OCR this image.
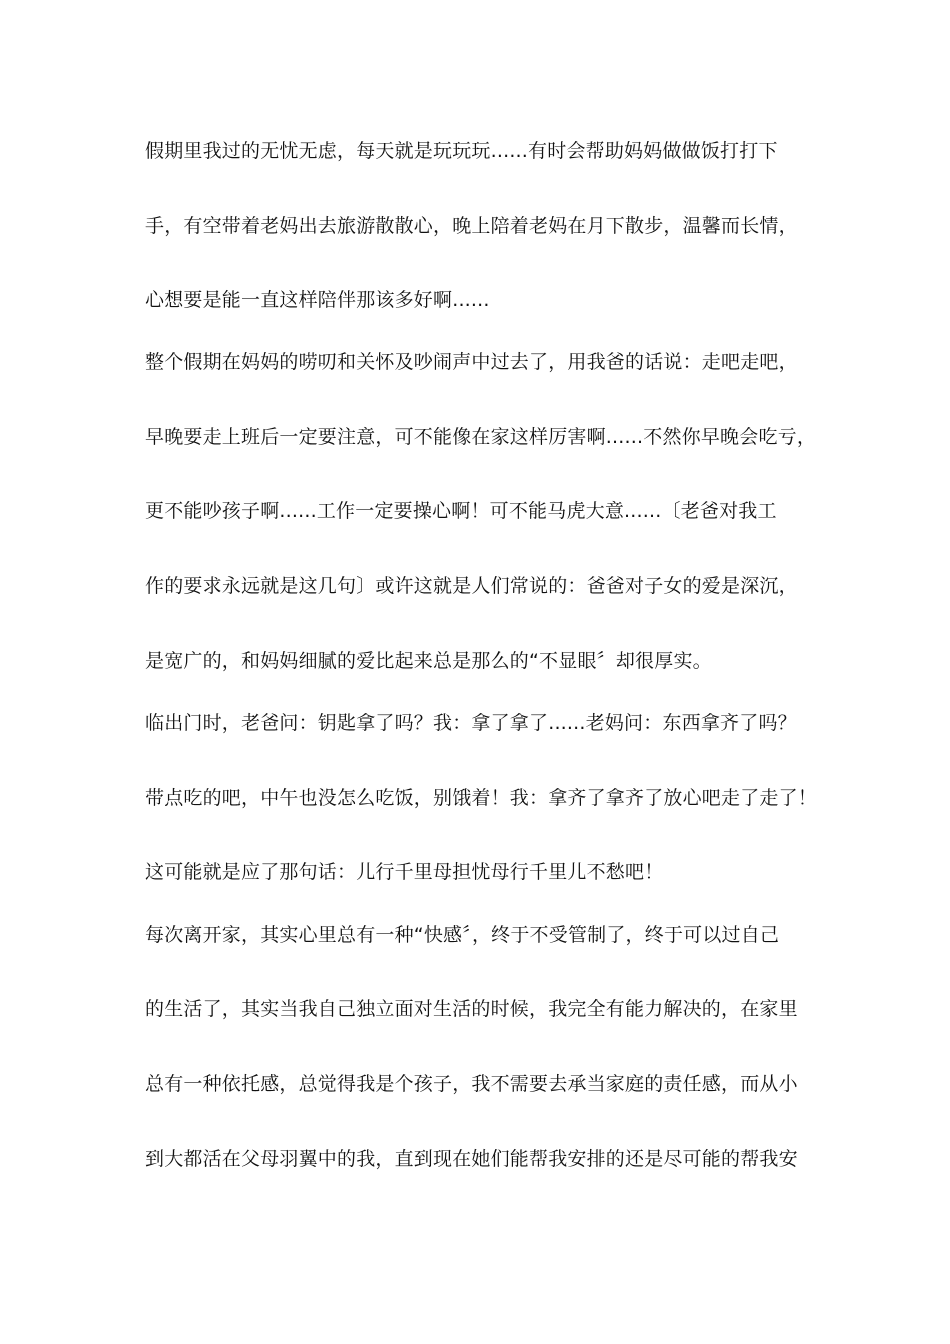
假期里我过的无忧无虑，每天就是玩玩玩......有时会帮助妈妈做做饭打打下
手，有空带着老妈出去旅游散散心，晚上陪着老妈在月下散步，温馨而长情，
心想要是能一直这样陪伴那该多好啊......
整个假期在妈妈的唠叨和关怀及吵闹声中过去了，用我爸的话说：走吧走吧，
早晚要走上班后一定要注意，可不能像在家这样厉害啊......不然你早晚会吃亏，
更不能吵孩子啊......工作一定要操心啊！可不能马虎大意......〔老爸对我工
作的要求永远就是这几句〕或许这就是人们常说的：爸爸对子女的爱是深沉，
是宽广的，和妈妈细腻的爱比起来总是那么的“不显眼〞却很厚实。
临出门时，老爸问：钥匙拿了吗？我：拿了拿了......老妈问：东西拿齐了吗？
带点吃的吧，中午也没怎么吃饭，别饿着！我：拿齐了拿齐了放心吧走了走了！
这可能就是应了那句话：儿行千里母担忧母行千里儿不愁吧！
每次离开家，其实心里总有一种“快感〞，终于不受管制了，终于可以过自己
的生活了，其实当我自己独立面对生活的时候，我完全有能力解决的，在家里
总有一种依托感，总觉得我是个孩子，我不需要去承当家庭的责任感，而从小
到大都活在父母羽翼中的我，直到现在她们能帮我安排的还是尽可能的帮我安
